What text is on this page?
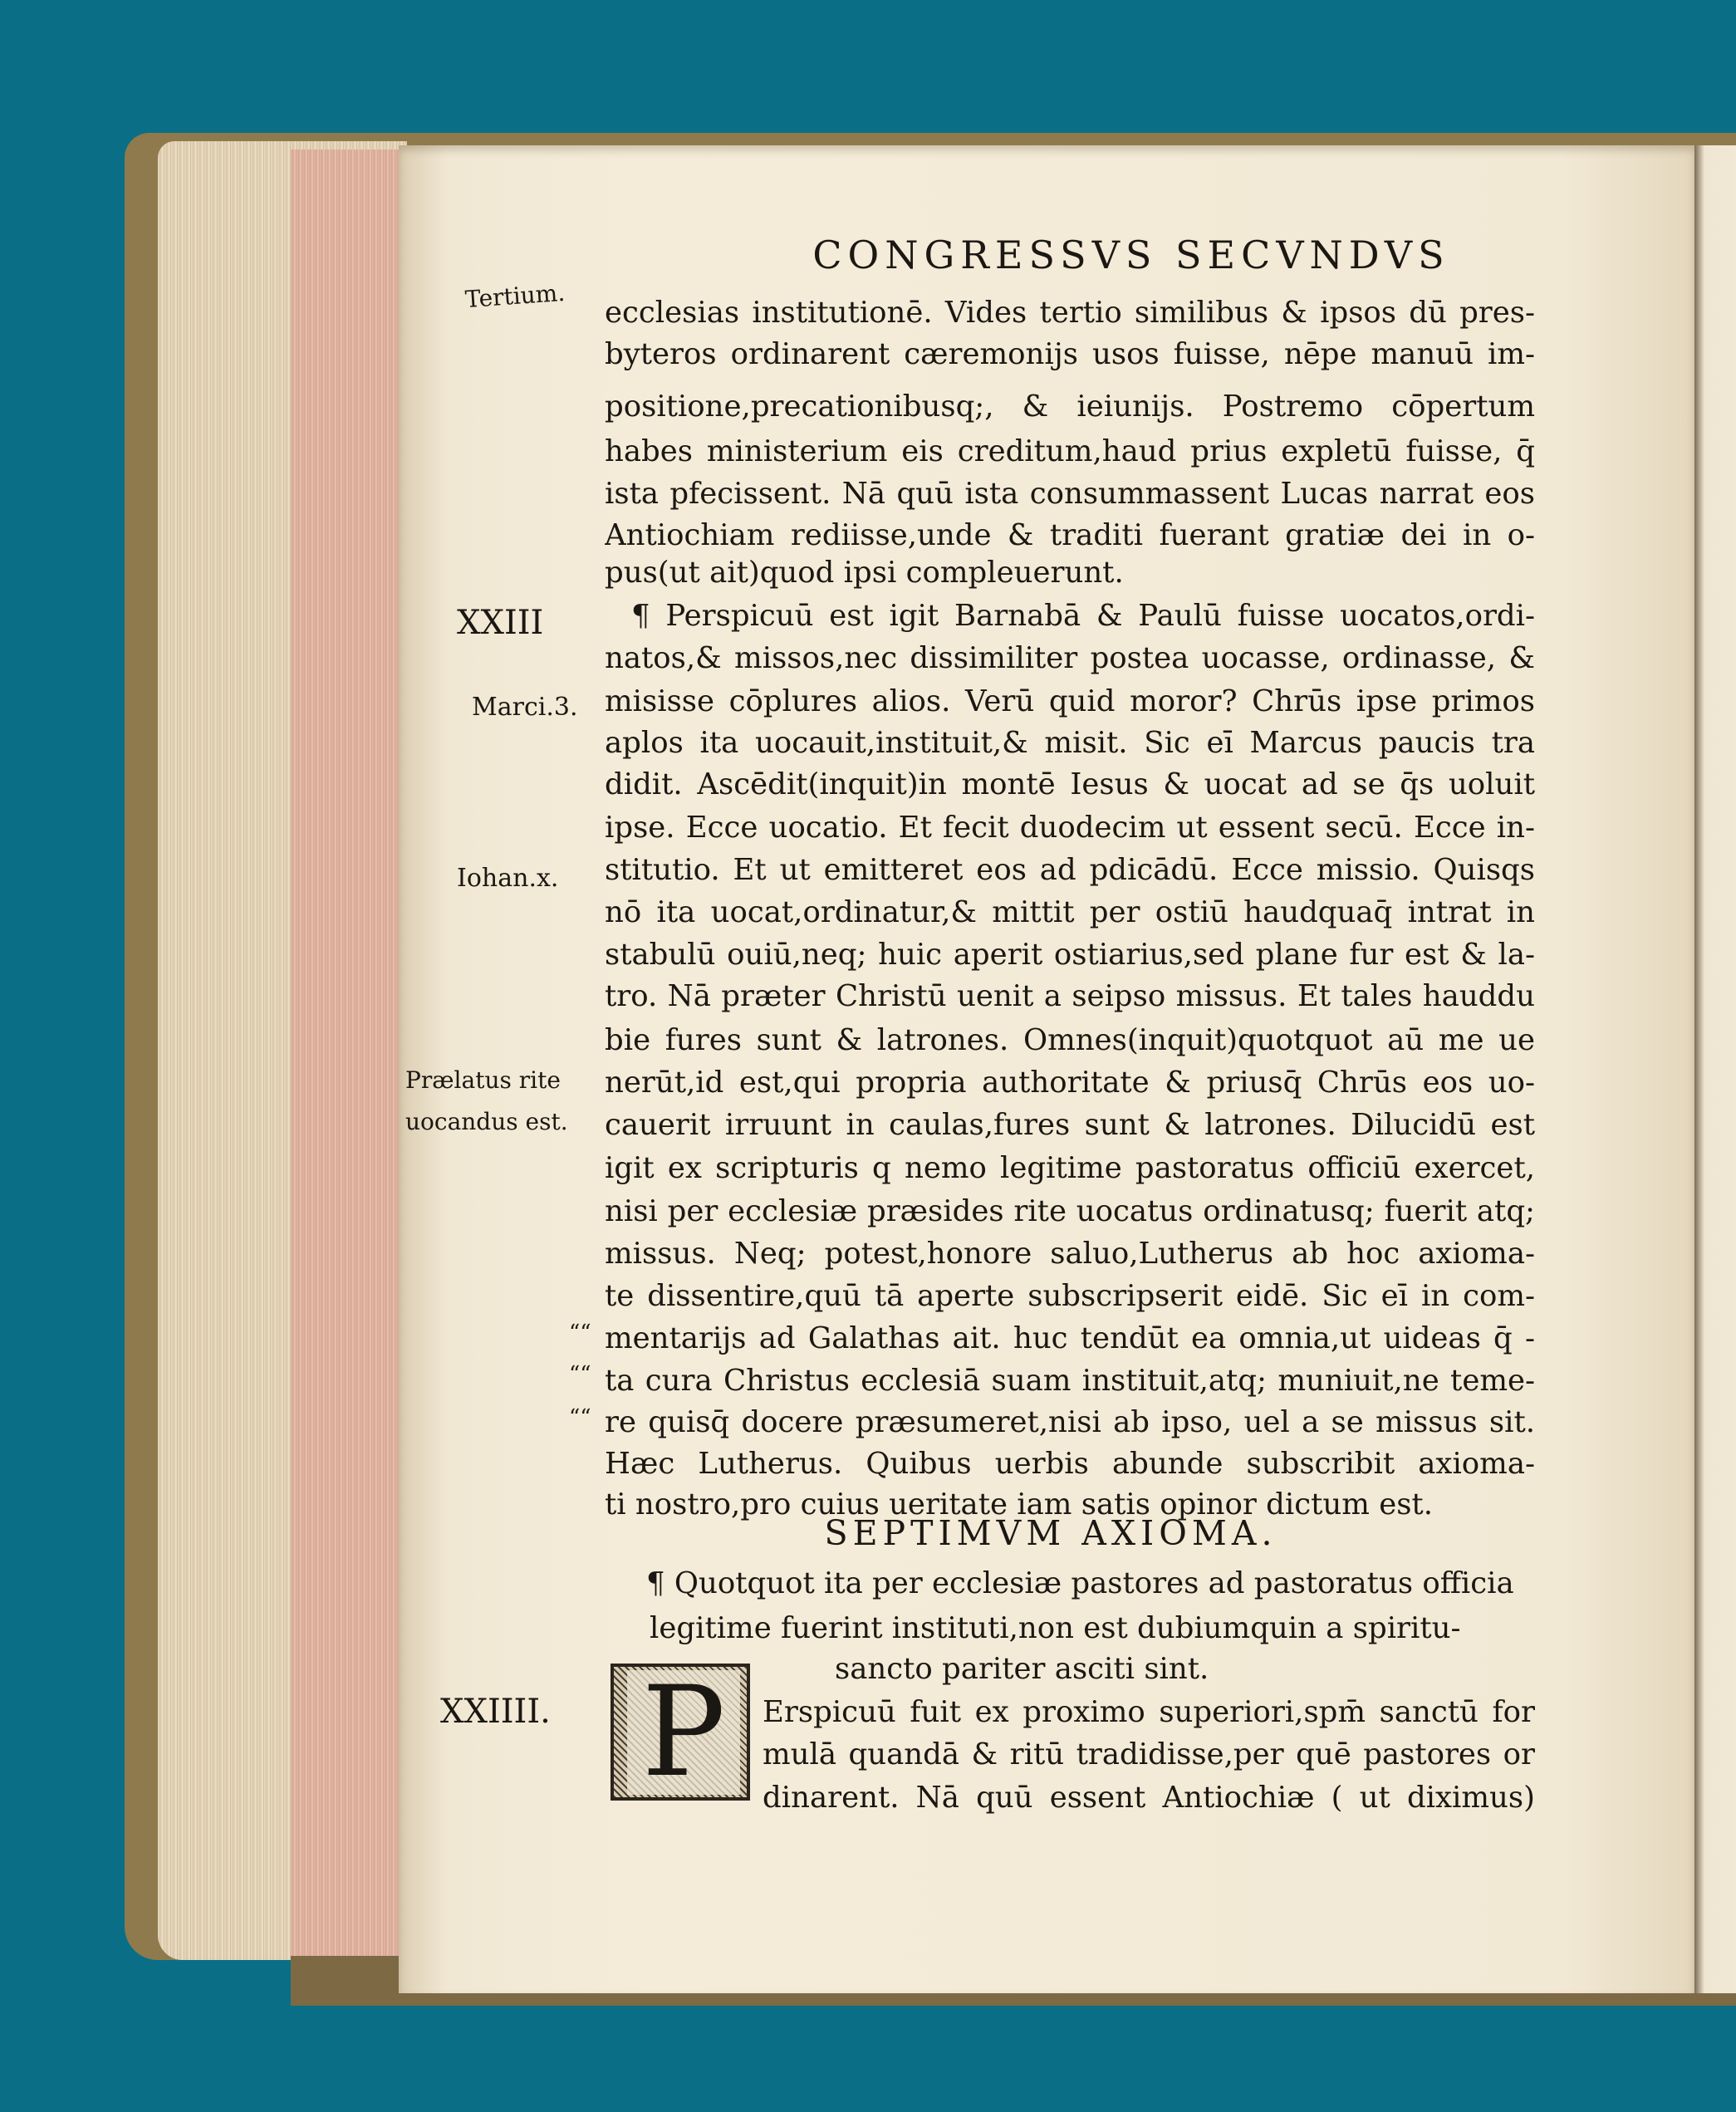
CONGRESSVS SECVNDVS
Tertium.
XXIII
Marci.3.
Iohan.x.
Prælatus rite
uocandus est.
XXIIII.
““
““
““
ecclesias institutionē. Vides tertio similibus & ipsos dū pres-
byteros ordinarent cæremonijs usos fuisse, nēpe manuū im-
positione,precationibusq;, & ieiunijs. Postremo cōpertum
habes ministerium eis creditum,haud prius expletū fuisse, q̄
ista pfecissent. Nā quū ista consummassent Lucas narrat eos
Antiochiam rediisse,unde & traditi fuerant gratiæ dei in o-
pus(ut ait)quod ipsi compleuerunt.
¶ Perspicuū est igit Barnabā & Paulū fuisse uocatos,ordi-
natos,& missos,nec dissimiliter postea uocasse, ordinasse, &
misisse cōplures alios. Verū quid moror? Chrūs ipse primos
aplos ita uocauit,instituit,& misit. Sic eī Marcus paucis tra
didit. Ascēdit(inquit)in montē Iesus & uocat ad se q̄s uoluit
ipse. Ecce uocatio. Et fecit duodecim ut essent secū. Ecce in-
stitutio. Et ut emitteret eos ad pdicādū. Ecce missio. Quisqs
nō ita uocat,ordinatur,& mittit per ostiū haudquaq̄ intrat in
stabulū ouiū,neq; huic aperit ostiarius,sed plane fur est & la-
tro. Nā præter Christū uenit a seipso missus. Et tales hauddu
bie fures sunt & latrones. Omnes(inquit)quotquot aū me ue
nerūt,id est,qui propria authoritate & priusq̄ Chrūs eos uo-
cauerit irruunt in caulas,fures sunt & latrones. Dilucidū est
igit ex scripturis q nemo legitime pastoratus officiū exercet,
nisi per ecclesiæ præsides rite uocatus ordinatusq; fuerit atq;
missus. Neq; potest,honore saluo,Lutherus ab hoc axioma-
te dissentire,quū tā aperte subscripserit eidē. Sic eī in com-
mentarijs ad Galathas ait. huc tendūt ea omnia,ut uideas q̄ -
ta cura Christus ecclesiā suam instituit,atq; muniuit,ne teme-
re quisq̄ docere præsumeret,nisi ab ipso, uel a se missus sit.
Hæc Lutherus. Quibus uerbis abunde subscribit axioma-
ti nostro,pro cuius ueritate iam satis opinor dictum est.
SEPTIMVM AXIOMA.
¶ Quotquot ita per ecclesiæ pastores ad pastoratus officia
legitime fuerint instituti,non est dubiumquin a spiritu-
sancto pariter asciti sint.
P	Erspicuū fuit ex proximo superiori,spm̄ sanctū for
mulā quandā & ritū tradidisse,per quē pastores or
dinarent. Nā quū essent Antiochiæ ( ut diximus)
